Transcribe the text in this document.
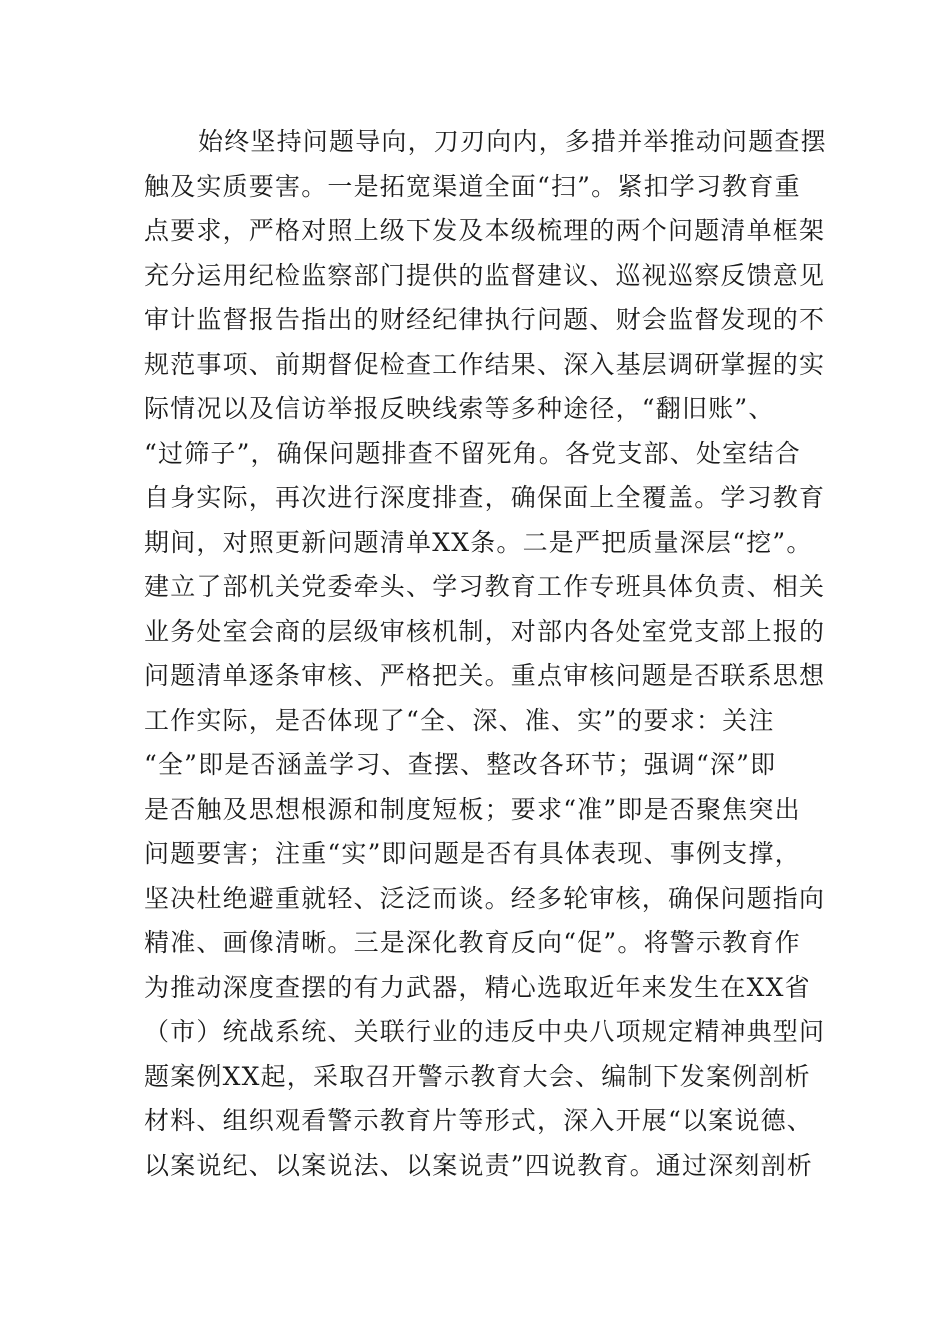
始终坚持问题导向，刀刃向内，多措并举推动问题查摆
触及实质要害。一是拓宽渠道全面“扫”。紧扣学习教育重
点要求，严格对照上级下发及本级梳理的两个问题清单框架
充分运用纪检监察部门提供的监督建议、巡视巡察反馈意见
审计监督报告指出的财经纪律执行问题、财会监督发现的不
规范事项、前期督促检查工作结果、深入基层调研掌握的实
际情况以及信访举报反映线索等多种途径，“翻旧账”、
“过筛子”，确保问题排查不留死角。各党支部、处室结合
自身实际，再次进行深度排查，确保面上全覆盖。学习教育
期间，对照更新问题清单XX条。二是严把质量深层“挖”。
建立了部机关党委牵头、学习教育工作专班具体负责、相关
业务处室会商的层级审核机制，对部内各处室党支部上报的
问题清单逐条审核、严格把关。重点审核问题是否联系思想
工作实际，是否体现了“全、深、准、实”的要求：关注
“全”即是否涵盖学习、查摆、整改各环节；强调“深”即
是否触及思想根源和制度短板；要求“准”即是否聚焦突出
问题要害；注重“实”即问题是否有具体表现、事例支撑，
坚决杜绝避重就轻、泛泛而谈。经多轮审核，确保问题指向
精准、画像清晰。三是深化教育反向“促”。将警示教育作
为推动深度查摆的有力武器，精心选取近年来发生在XX省
（市）统战系统、关联行业的违反中央八项规定精神典型问
题案例XX起，采取召开警示教育大会、编制下发案例剖析
材料、组织观看警示教育片等形式，深入开展“以案说德、
以案说纪、以案说法、以案说责”四说教育。通过深刻剖析
